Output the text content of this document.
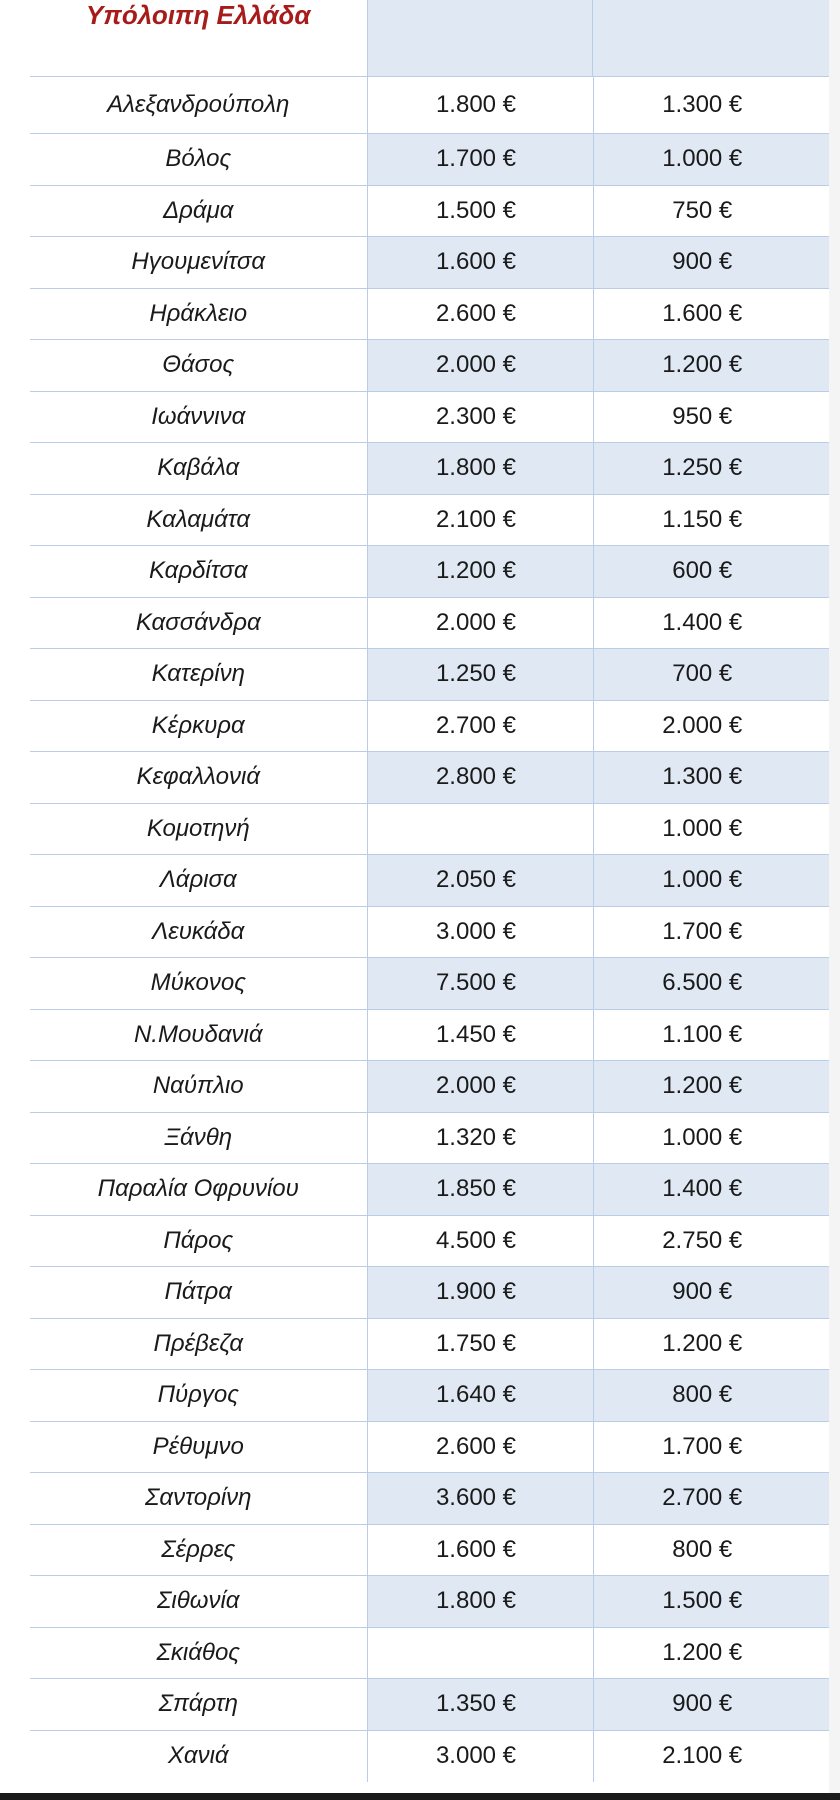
Υπόλοιπη Ελλάδα
Αλεξανδρούπολη	1.800 €	1.300 €
Βόλος	1.700 €	1.000 €
Δράμα	1.500 €	750 €
Ηγουμενίτσα	1.600 €	900 €
Ηράκλειο	2.600 €	1.600 €
Θάσος	2.000 €	1.200 €
Ιωάννινα	2.300 €	950 €
Καβάλα	1.800 €	1.250 €
Καλαμάτα	2.100 €	1.150 €
Καρδίτσα	1.200 €	600 €
Κασσάνδρα	2.000 €	1.400 €
Κατερίνη	1.250 €	700 €
Κέρκυρα	2.700 €	2.000 €
Κεφαλλονιά	2.800 €	1.300 €
Κομοτηνή		1.000 €
Λάρισα	2.050 €	1.000 €
Λευκάδα	3.000 €	1.700 €
Μύκονος	7.500 €	6.500 €
Ν.Μουδανιά	1.450 €	1.100 €
Ναύπλιο	2.000 €	1.200 €
Ξάνθη	1.320 €	1.000 €
Παραλία Οφρυνίου	1.850 €	1.400 €
Πάρος	4.500 €	2.750 €
Πάτρα	1.900 €	900 €
Πρέβεζα	1.750 €	1.200 €
Πύργος	1.640 €	800 €
Ρέθυμνο	2.600 €	1.700 €
Σαντορίνη	3.600 €	2.700 €
Σέρρες	1.600 €	800 €
Σιθωνία	1.800 €	1.500 €
Σκιάθος		1.200 €
Σπάρτη	1.350 €	900 €
Χανιά	3.000 €	2.100 €
